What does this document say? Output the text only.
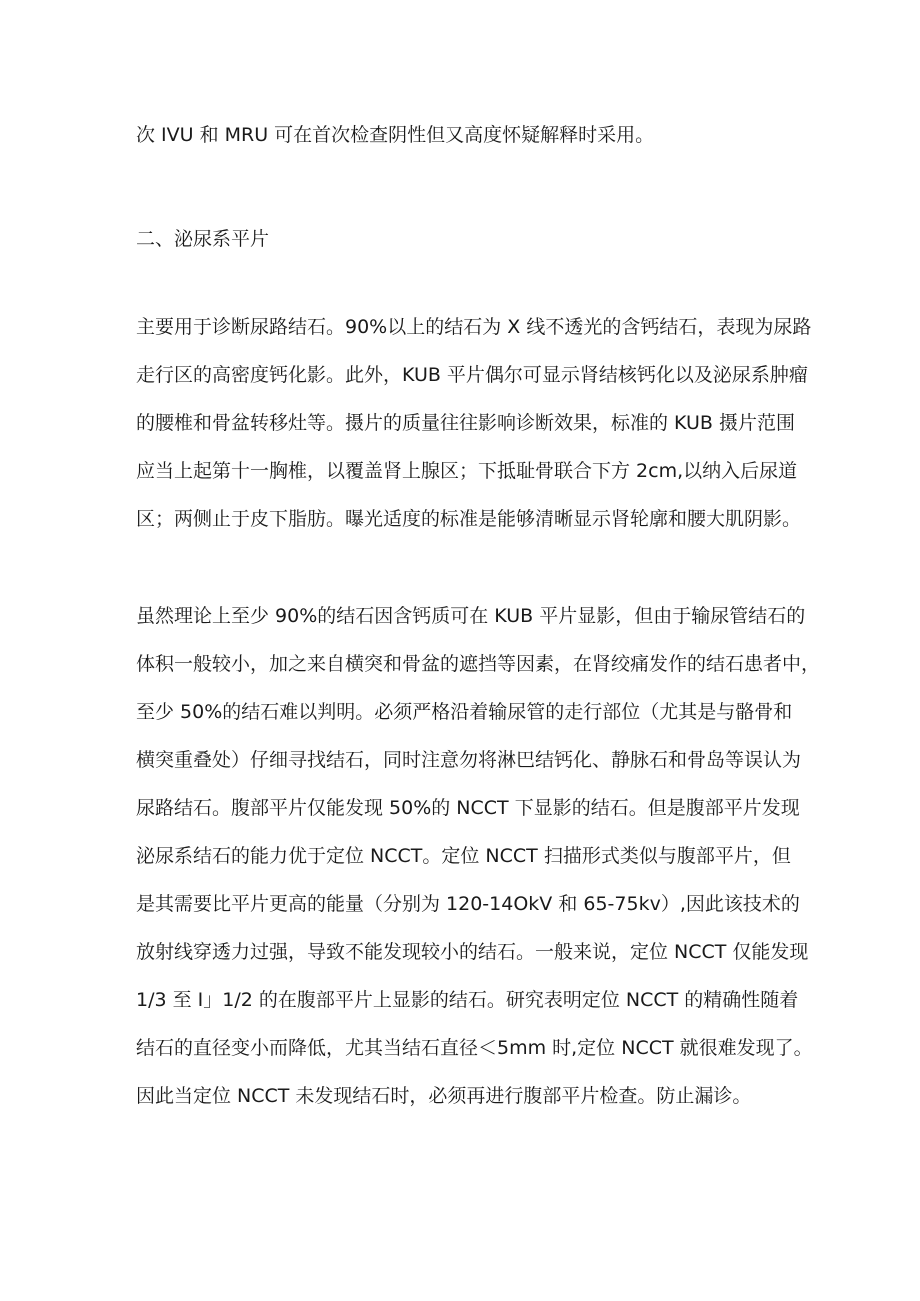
次 IVU 和 MRU 可在首次检查阴性但又高度怀疑解释时采用。

二、泌尿系平片

主要用于诊断尿路结石。90%以上的结石为 X 线不透光的含钙结石，表现为尿路

走行区的高密度钙化影。此外，KUB 平片偶尔可显示肾结核钙化以及泌尿系肿瘤

的腰椎和骨盆转移灶等。摄片的质量往往影响诊断效果，标准的 KUB 摄片范围

应当上起第十一胸椎，以覆盖肾上腺区；下抵耻骨联合下方 2cm,以纳入后尿道

区；两侧止于皮下脂肪。曝光适度的标准是能够清晰显示肾轮廓和腰大肌阴影。

虽然理论上至少 90%的结石因含钙质可在 KUB 平片显影，但由于输尿管结石的

体积一般较小，加之来自横突和骨盆的遮挡等因素，在肾绞痛发作的结石患者中，

至少 50%的结石难以判明。必须严格沿着输尿管的走行部位（尤其是与骼骨和

横突重叠处）仔细寻找结石，同时注意勿将淋巴结钙化、静脉石和骨岛等误认为

尿路结石。腹部平片仅能发现 50%的 NCCT 下显影的结石。但是腹部平片发现

泌尿系结石的能力优于定位 NCCT。定位 NCCT 扫描形式类似与腹部平片，但

是其需要比平片更高的能量（分别为 120-14OkV 和 65-75kv）,因此该技术的

放射线穿透力过强，导致不能发现较小的结石。一般来说，定位 NCCT 仅能发现

1/3 至 I」1/2 的在腹部平片上显影的结石。研究表明定位 NCCT 的精确性随着

结石的直径变小而降低，尤其当结石直径＜5mm 时,定位 NCCT 就很难发现了。

因此当定位 NCCT 未发现结石时，必须再进行腹部平片检查。防止漏诊。
